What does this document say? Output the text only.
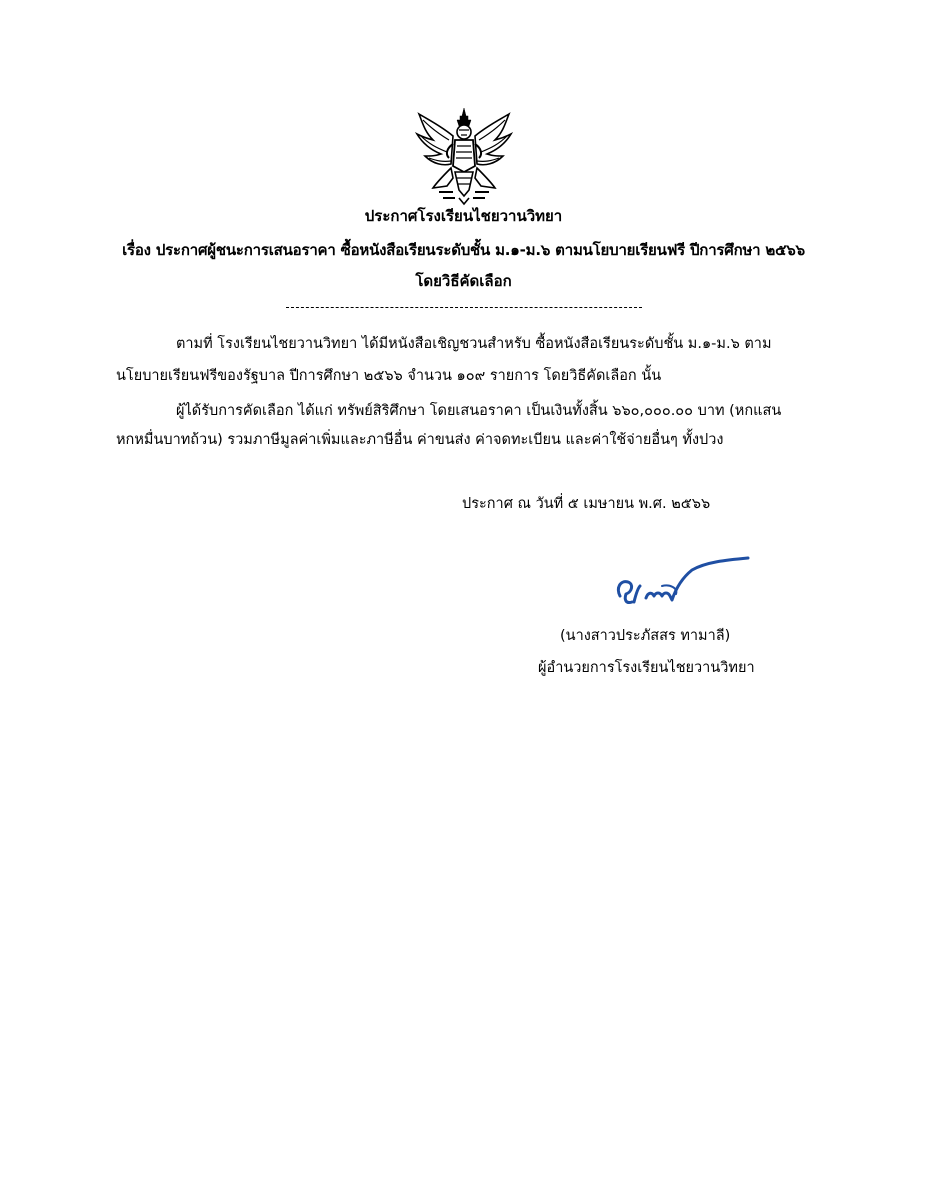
ประกาศโรงเรียนไชยวานวิทยา
เรื่อง ประกาศผู้ชนะการเสนอราคา ซื้อหนังสือเรียนระดับชั้น ม.๑-ม.๖ ตามนโยบายเรียนฟรี ปีการศึกษา ๒๕๖๖
โดยวิธีคัดเลือก
ตามที่ โรงเรียนไชยวานวิทยา ได้มีหนังสือเชิญชวนสำหรับ ซื้อหนังสือเรียนระดับชั้น ม.๑-ม.๖ ตาม
นโยบายเรียนฟรีของรัฐบาล ปีการศึกษา ๒๕๖๖ จำนวน ๑๐๙ รายการ โดยวิธีคัดเลือก นั้น
ผู้ได้รับการคัดเลือก ได้แก่ ทรัพย์สิริศึกษา โดยเสนอราคา เป็นเงินทั้งสิ้น ๖๖๐,๐๐๐.๐๐ บาท (หกแสน
หกหมื่นบาทถ้วน) รวมภาษีมูลค่าเพิ่มและภาษีอื่น ค่าขนส่ง ค่าจดทะเบียน และค่าใช้จ่ายอื่นๆ ทั้งปวง
ประกาศ ณ วันที่ ๕ เมษายน พ.ศ. ๒๕๖๖
(นางสาวประภัสสร ทามาลี)
ผู้อำนวยการโรงเรียนไชยวานวิทยา
